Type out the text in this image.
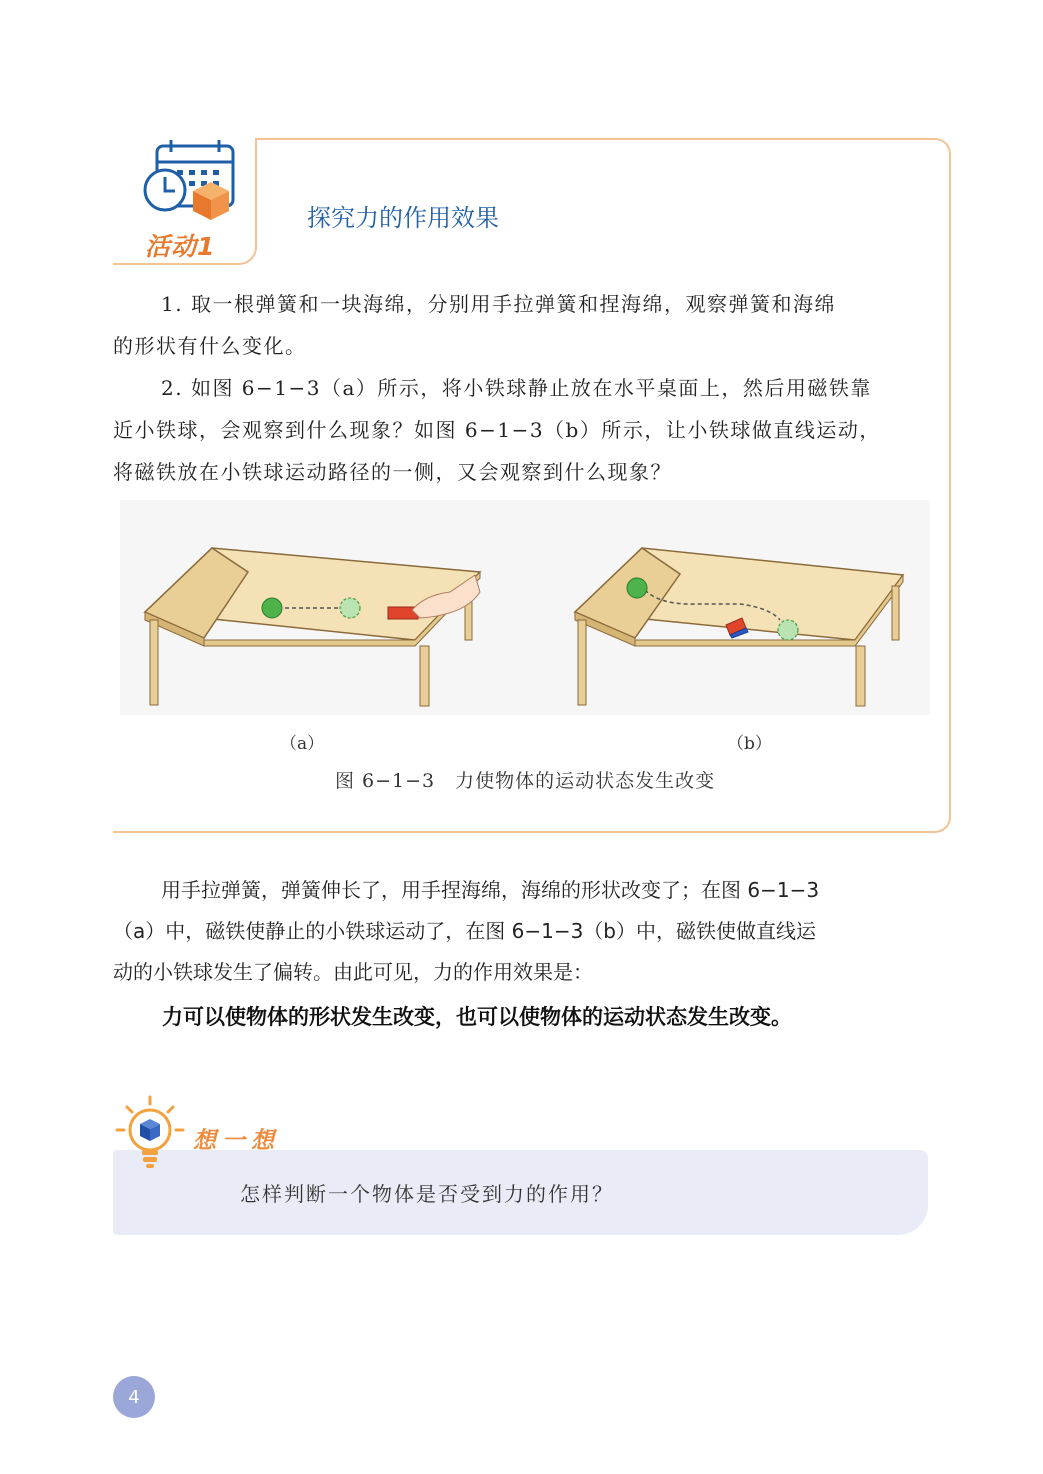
活动1
探究力的作用效果

1. 取一根弹簧和一块海绵，分别用手拉弹簧和捏海绵，观察弹簧和海绵
的形状有什么变化。

2. 如图 6−1−3（a）所示，将小铁球静止放在水平桌面上，然后用磁铁靠
近小铁球，会观察到什么现象？如图 6−1−3（b）所示，让小铁球做直线运动，
将磁铁放在小铁球运动路径的一侧，又会观察到什么现象？

（a）	（b）
图 6−1−3　力使物体的运动状态发生改变

用手拉弹簧，弹簧伸长了，用手捏海绵，海绵的形状改变了；在图 6−1−3
（a）中，磁铁使静止的小铁球运动了，在图 6−1−3（b）中，磁铁使做直线运
动的小铁球发生了偏转。由此可见，力的作用效果是：

力可以使物体的形状发生改变，也可以使物体的运动状态发生改变。
想一想
怎样判断一个物体是否受到力的作用？
4
